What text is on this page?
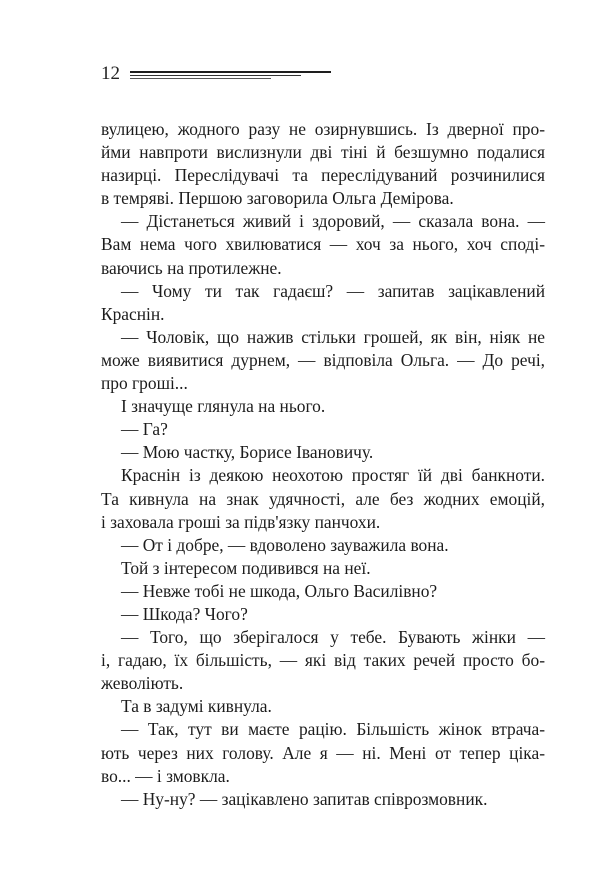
12
вулицею, жодного разу не озирнувшись. Із дверної про-
йми навпроти вислизнули дві тіні й безшумно подалися
назирці. Переслідувачі та переслідуваний розчинилися
в темряві. Першою заговорила Ольга Демірова.
— Дістанеться живий і здоровий, — сказала вона. —
Вам нема чого хвилюватися — хоч за нього, хоч споді-
ваючись на протилежне.
— Чому ти так гадаєш? — запитав зацікавлений
Краснін.
— Чоловік, що нажив стільки грошей, як він, ніяк не
може виявитися дурнем, — відповіла Ольга. — До речі,
про гроші...
І значуще глянула на нього.
— Га?
— Мою частку, Борисе Івановичу.
Краснін із деякою неохотою простяг їй дві банкноти.
Та кивнула на знак удячності, але без жодних емоцій,
і заховала гроші за підв'язку панчохи.
— От і добре, — вдоволено зауважила вона.
Той з інтересом подивився на неї.
— Невже тобі не шкода, Ольго Василівно?
— Шкода? Чого?
— Того, що зберігалося у тебе. Бувають жінки —
і, гадаю, їх більшість, — які від таких речей просто бо-
жеволіють.
Та в задумі кивнула.
— Так, тут ви маєте рацію. Більшість жінок втрача-
ють через них голову. Але я — ні. Мені от тепер ціка-
во... — і змовкла.
— Ну-ну? — зацікавлено запитав співрозмовник.
